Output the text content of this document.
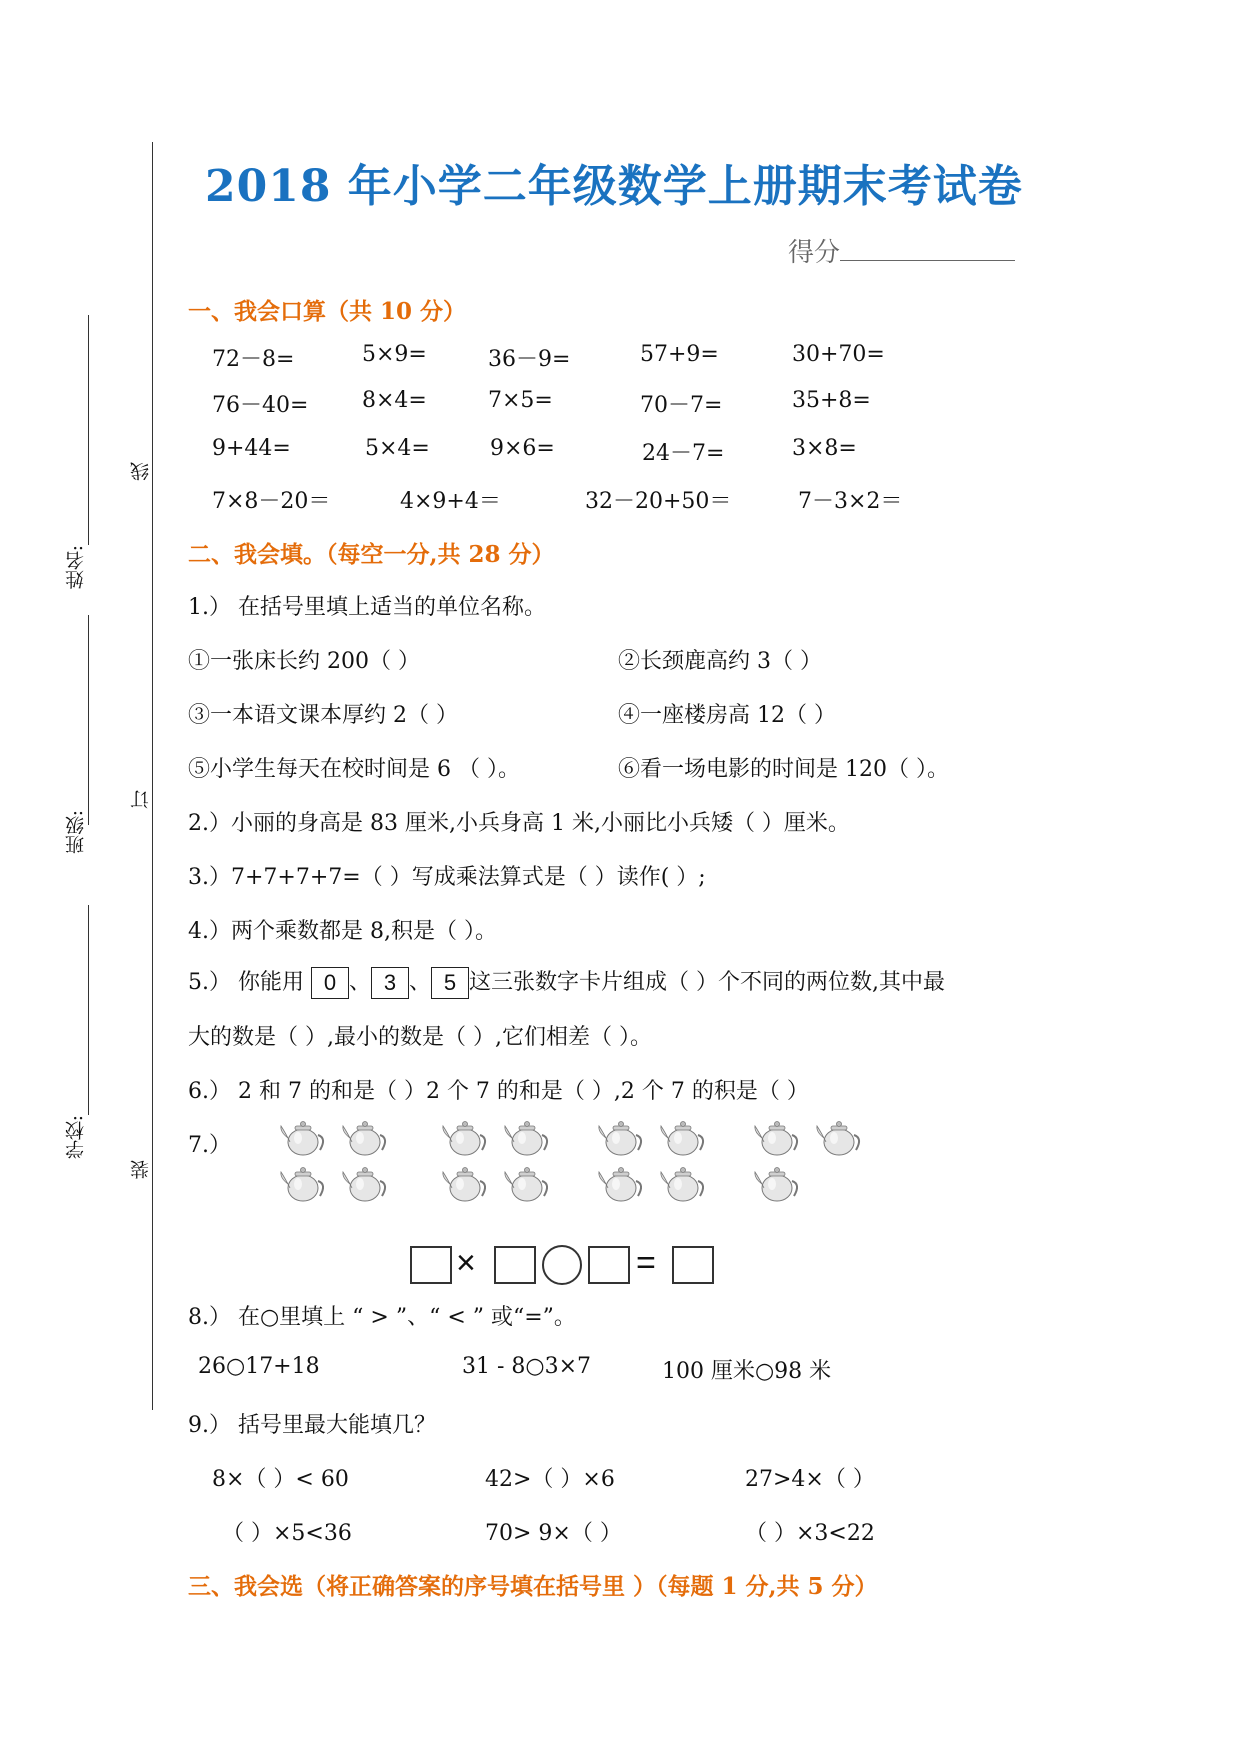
线
订
装
姓名:
班级:
学校:
2018 年小学二年级数学上册期末考试卷
得分
一、我会口算（共 10 分）
72－8=	5×9=	36－9=	57+9=	30+70=
76－40= 8×4=	7×5=	70－7=	35+8=
9+44=	5×4=	9×6=	24－7=	3×8=
7×8－20＝	4×9+4＝	32－20+50＝	7－3×2＝
二、我会填。（每空一分,共 28 分）
1.） 在括号里填上适当的单位名称。
①一张床长约 200（ ）	②长颈鹿高约 3（ ）
③一本语文课本厚约 2（ ）	④一座楼房高 12（ ）
⑤小学生每天在校时间是 6 （ ）。	⑥看一场电影的时间是 120（ ）。
2.）小丽的身高是 83 厘米,小兵身高 1 米,小丽比小兵矮（ ）厘米。
3.）7+7+7+7=（ ）写成乘法算式是（ ）读作( ）;
4.）两个乘数都是 8,积是（ ）。
5.） 你能用 0 、 3 、 5 这三张数字卡片组成（ ）个不同的两位数,其中最
大的数是（ ）,最小的数是（ ）,它们相差（ ）。
6.） 2 和 7 的和是（ ）2 个 7 的和是（ ）,2 个 7 的积是（ ）
7.）
×	=
8.） 在○里填上 “ > ”、“ < ” 或“=”。
26○17+18	31 - 8○3×7	100 厘米○98 米
9.） 括号里最大能填几？
8×（ ）< 60	42>（ ）×6	27>4×（ ）
（ ）×5<36	70> 9×（ ）	（ ）×3<22
三、我会选（将正确答案的序号填在括号里 ）（每题 1 分,共 5 分）
